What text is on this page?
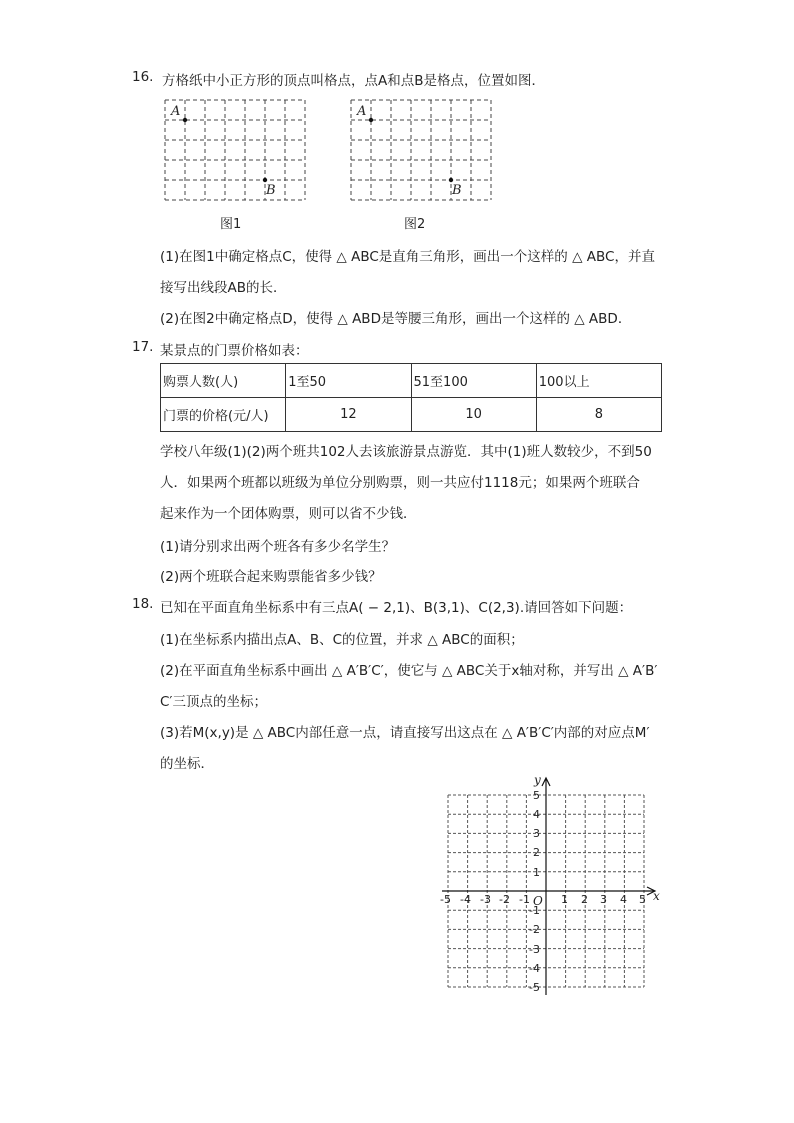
16. 方格纸中小正方形的顶点叫格点，点A和点B是格点，位置如图．
A
B
图1
A
B
图2
(1)在图1中确定格点C，使得 △ ABC是直角三角形，画出一个这样的 △ ABC，并直
接写出线段AB的长．
(2)在图2中确定格点D，使得 △ ABD是等腰三角形，画出一个这样的 △ ABD．
17. 某景点的门票价格如表：
购票人数(人)	1至50	51至100	100以上
门票的价格(元/人)	12	10	8
学校八年级(1)(2)两个班共102人去该旅游景点游览．其中(1)班人数较少，不到50
人．如果两个班都以班级为单位分别购票，则一共应付1118元；如果两个班联合
起来作为一个团体购票，则可以省不少钱．
(1)请分别求出两个班各有多少名学生？
(2)两个班联合起来购票能省多少钱？
18. 已知在平面直角坐标系中有三点A( − 2,1)、B(3,1)、C(2,3).请回答如下问题：
(1)在坐标系内描出点A、B、C的位置，并求 △ ABC的面积；
(2)在平面直角坐标系中画出 △ A′B′C′，使它与 △ ABC关于x轴对称，并写出 △ A′B′
C′三顶点的坐标；
(3)若M(x,y)是 △ ABC内部任意一点，请直接写出这点在 △ A′B′C′内部的对应点M′
的坐标．
-5 -4 -3 -2 -1	1 2 3 4 5
5
4
3
2
1
-1
-2
-3
-4
-5
O	x
y
